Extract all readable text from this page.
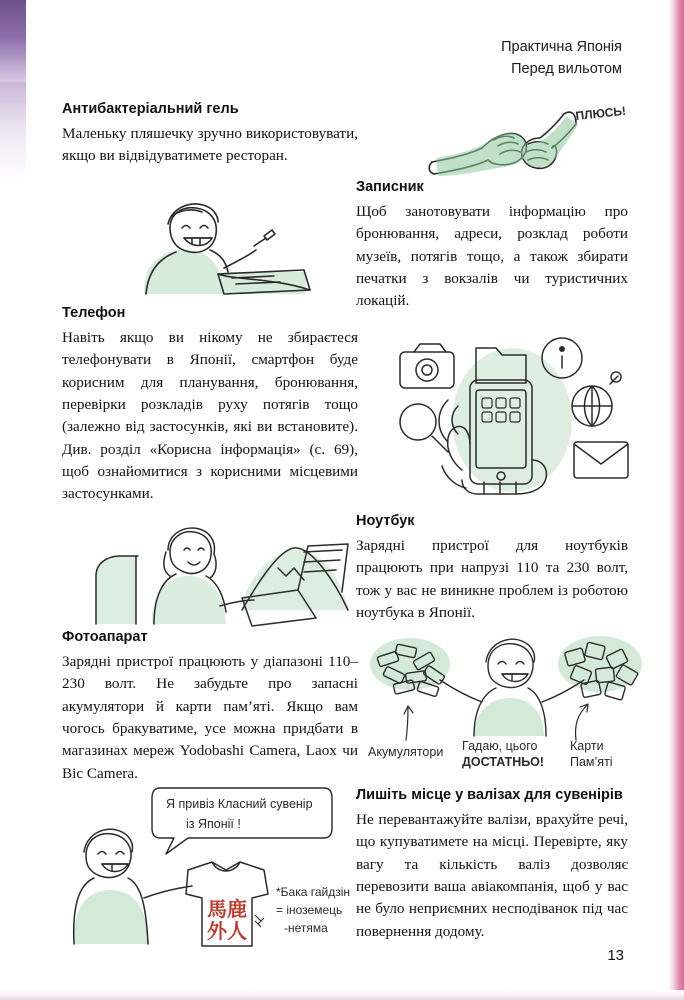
Практична Японія
Перед вильотом
ПЛЮСЬ!
Антибактеріальний гель
Маленьку пляшечку зручно використовувати, якщо ви відвідуватимете ресторан.
Записник
Щоб занотовувати інформацію про бронювання, адреси, розклад роботи музеїв, потягів тощо, а також збирати печатки з вокзалів чи туристичних локацій.
Телефон
Навіть якщо ви нікому не збираєтеся телефонувати в Японії, смартфон буде корисним для планування, бронювання, перевірки розкладів руху потягів тощо (залежно від застосунків, які ви встановите). Див. розділ «Корисна інформація» (с. 69), щоб ознайомитися з корисними місцевими застосунками.
Ноутбук
Зарядні пристрої для ноутбуків працюють при напрузі 110 та 230 волт, тож у вас не виникне проблем із роботою ноутбука в Японії.
Фотоапарат
Зарядні пристрої працюють у діапазоні 110–230 волт. Не забудьте про запасні акумулятори й карти пам’яті. Якщо вам чогось бракуватиме, усе можна придбати в магазинах мереж Yodobashi Camera, Laox чи Bic Camera.
Акумулятори Гадаю, цього
ДОСТАТНЬО!
Карти
Пам’яті
Я привіз Класний сувенір
із Японії !
馬鹿
外人
*Бака гайдзін
= іноземець
-нетяма
Лишіть місце у валізах для сувенірів
Не перевантажуйте валізи, врахуйте речі, що купуватимете на місці. Перевірте, яку вагу та кількість валіз дозволяє перевозити ваша авіакомпанія, щоб у вас не було неприємних несподіванок під час повернення додому.
13
